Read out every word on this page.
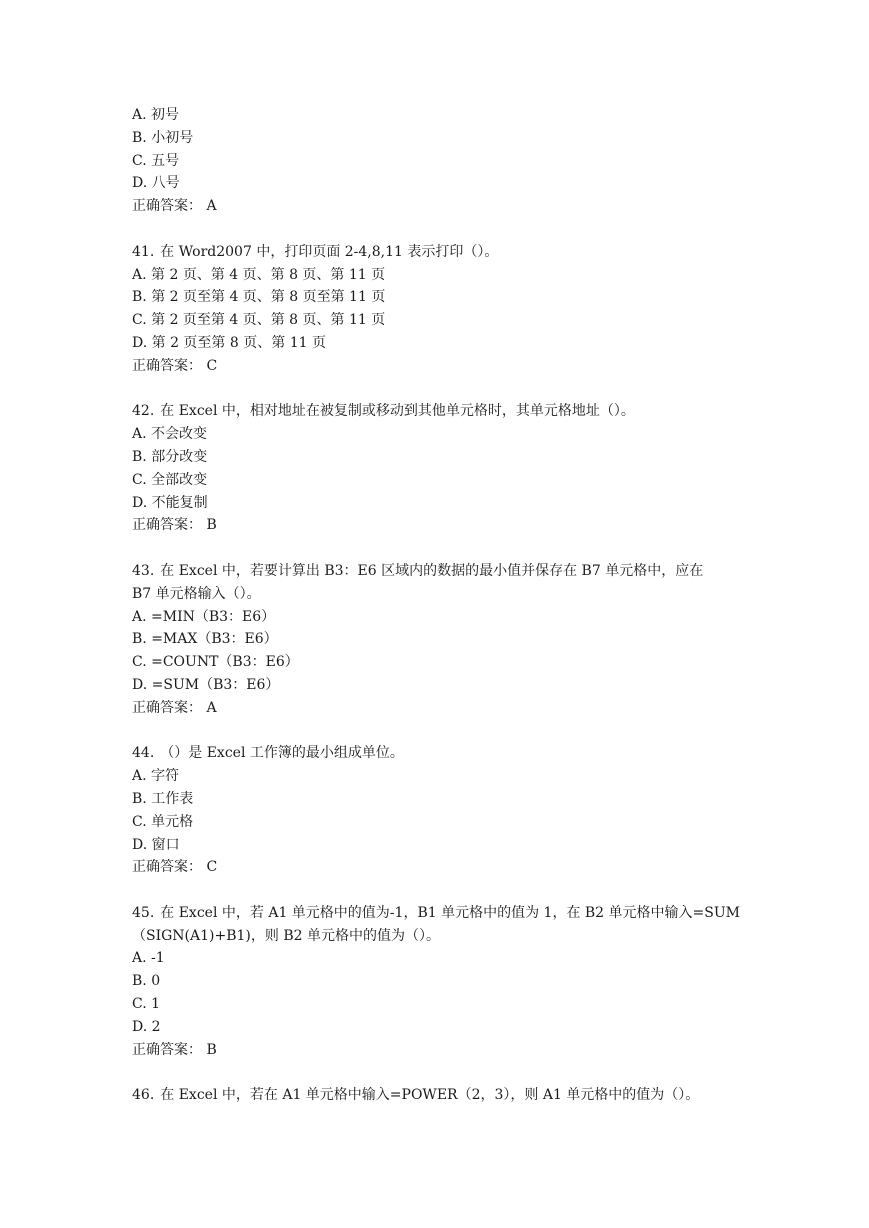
A. 初号
B. 小初号
C. 五号
D. 八号
正确答案： A
41. 在 Word2007 中，打印页面 2-4,8,11 表示打印（）。
A. 第 2 页、第 4 页、第 8 页、第 11 页
B. 第 2 页至第 4 页、第 8 页至第 11 页
C. 第 2 页至第 4 页、第 8 页、第 11 页
D. 第 2 页至第 8 页、第 11 页
正确答案： C
42. 在 Excel 中，相对地址在被复制或移动到其他单元格时，其单元格地址（）。
A. 不会改变
B. 部分改变
C. 全部改变
D. 不能复制
正确答案： B
43. 在 Excel 中，若要计算出 B3：E6 区域内的数据的最小值并保存在 B7 单元格中，应在
B7 单元格输入（）。
A. =MIN（B3：E6）
B. =MAX（B3：E6）
C. =COUNT（B3：E6）
D. =SUM（B3：E6）
正确答案： A
44. （）是 Excel 工作簿的最小组成单位。
A. 字符
B. 工作表
C. 单元格
D. 窗口
正确答案： C
45. 在 Excel 中，若 A1 单元格中的值为-1，B1 单元格中的值为 1，在 B2 单元格中输入=SUM
（SIGN(A1)+B1)，则 B2 单元格中的值为（）。
A. -1
B. 0
C. 1
D. 2
正确答案： B
46. 在 Excel 中，若在 A1 单元格中输入=POWER（2，3），则 A1 单元格中的值为（）。
